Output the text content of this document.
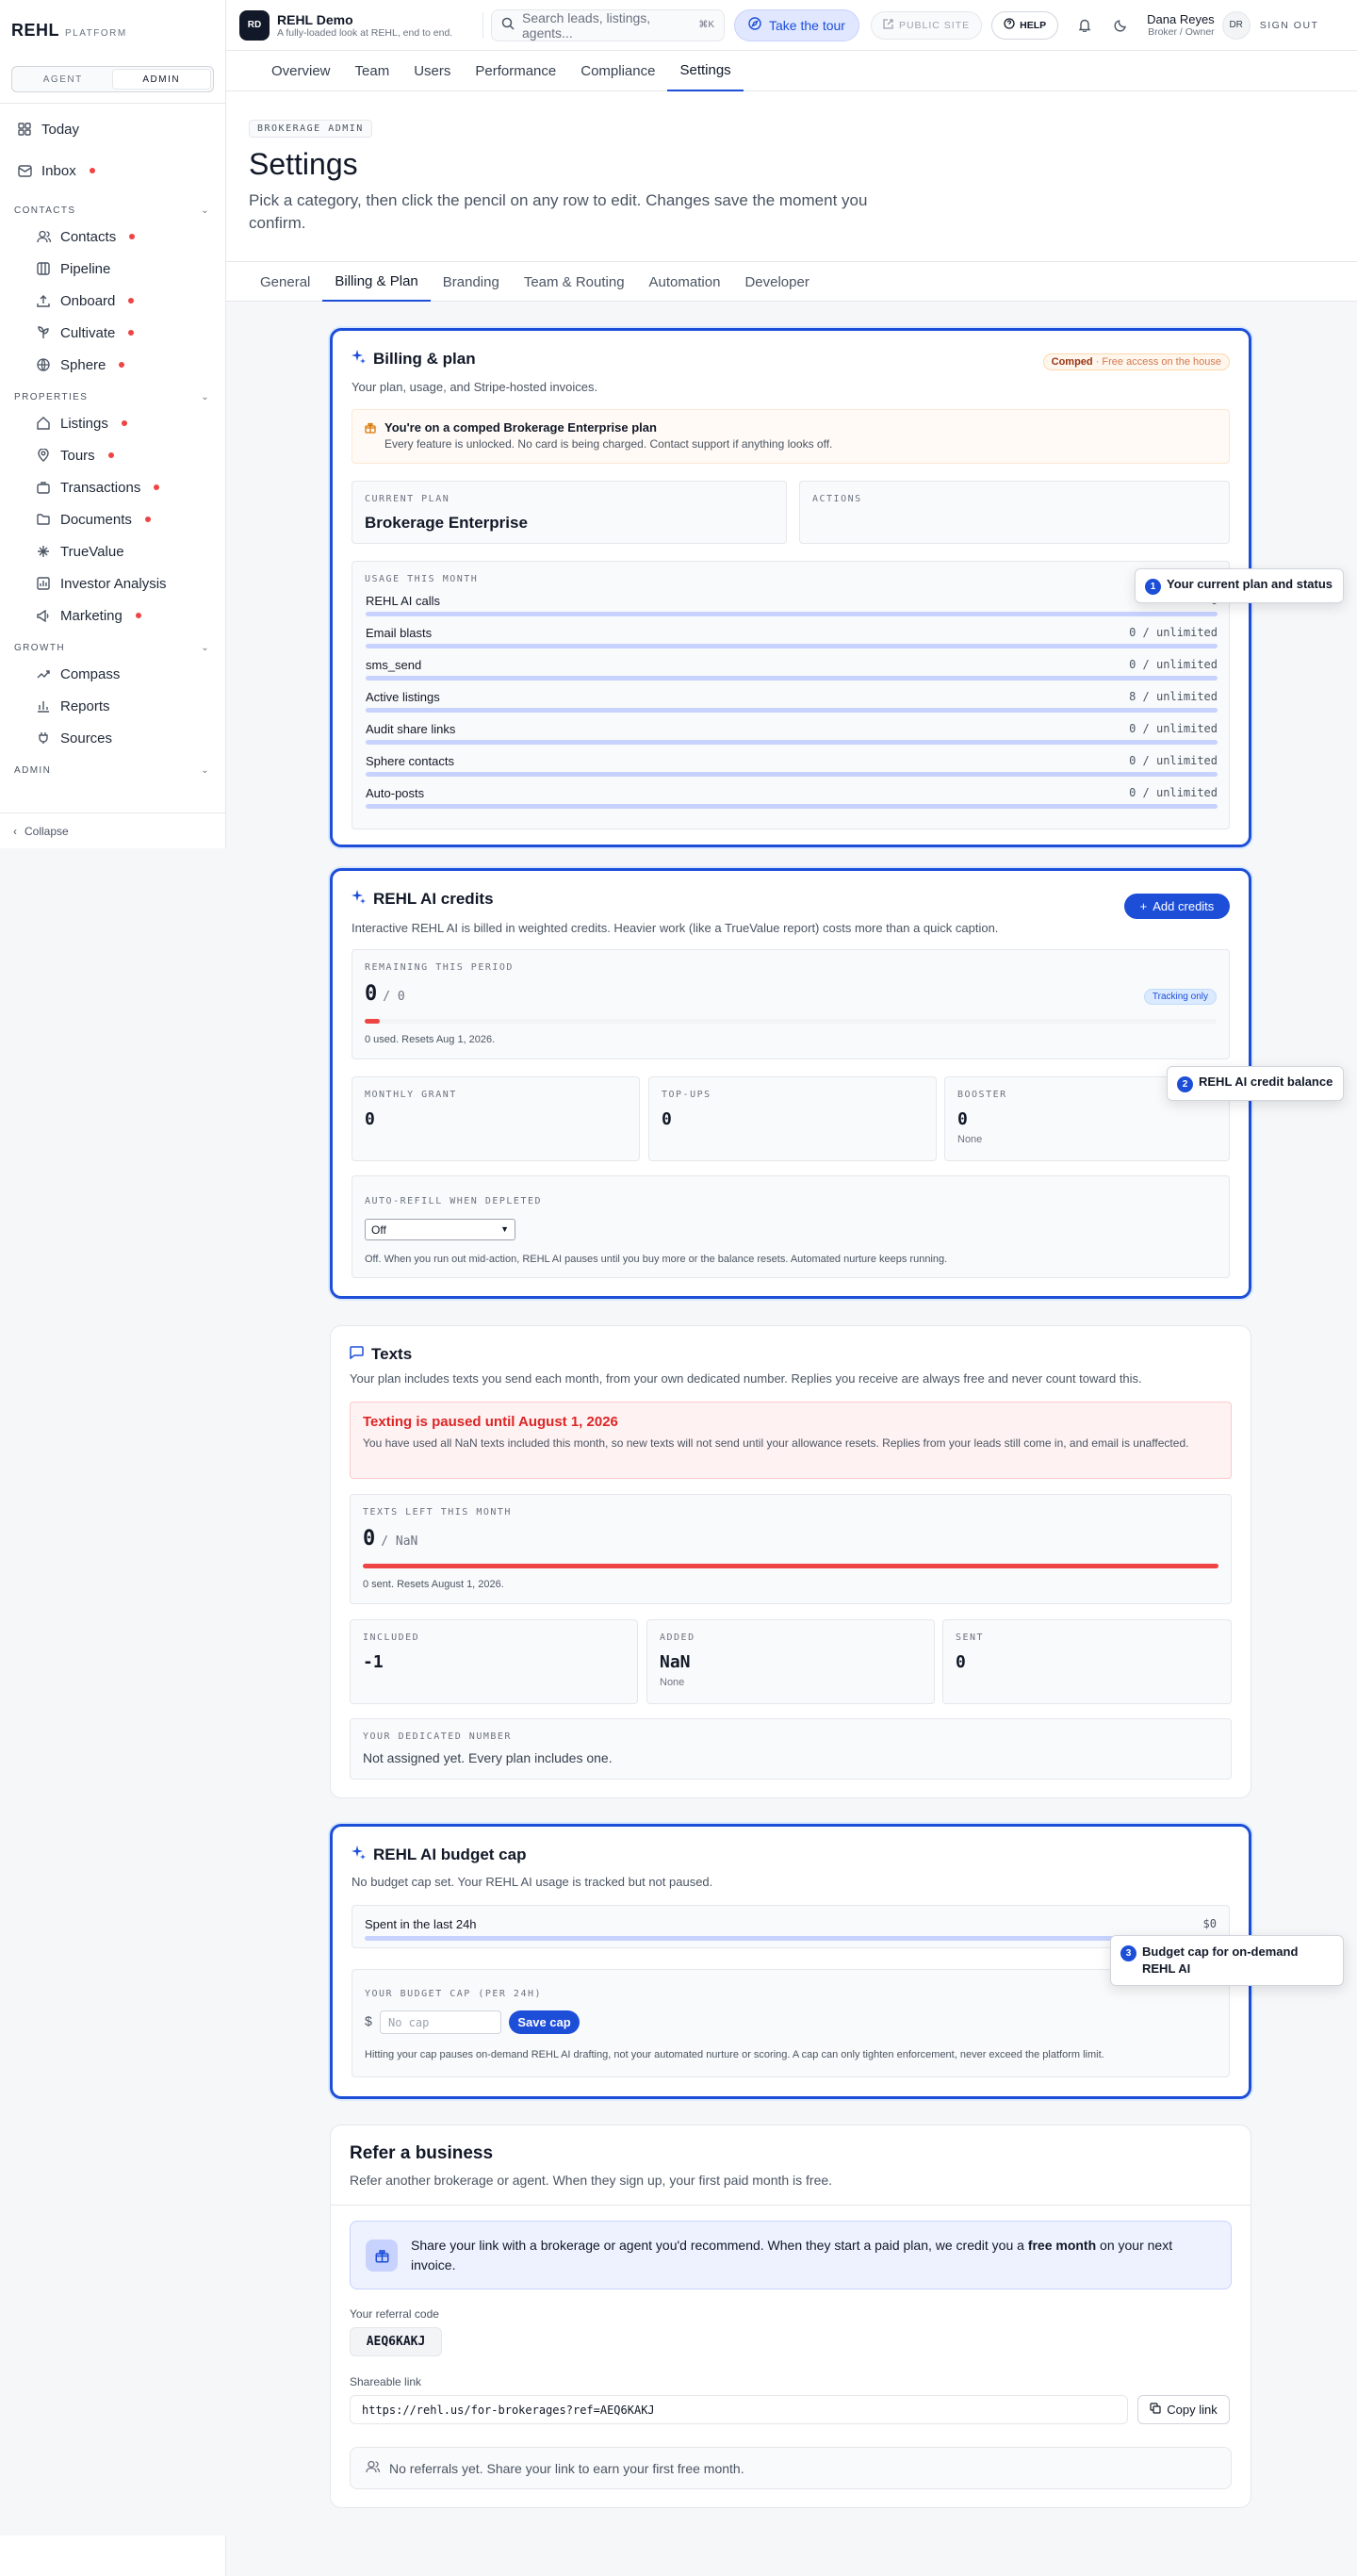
REHL PLATFORM
AGENT	ADMIN
Today
Inbox
CONTACTS	⌄
Contacts
Pipeline
Onboard
Cultivate
Sphere
PROPERTIES	⌄
Listings
Tours
Transactions
Documents
TrueValue
Investor Analysis
Marketing
GROWTH	⌄
Compass
Reports
Sources
ADMIN	⌄
‹ Collapse
RD	REHL Demo
A fully-loaded look at REHL, end to end.
Search leads, listings, agents...	⌘K	Take the tour	PUBLIC SITE	HELP	Dana Reyes
Broker / Owner
DR	SIGN OUT
Overview	Team	Users	Performance	Compliance	Settings
BROKERAGE ADMIN
Settings
Pick a category, then click the pencil on any row to edit. Changes save the moment you confirm.
General	Billing & Plan	Branding	Team & Routing	Automation	Developer
Billing & plan
Your plan, usage, and Stripe-hosted invoices.
Comped · Free access on the house
You're on a comped Brokerage Enterprise plan
Every feature is unlocked. No card is being charged. Contact support if anything looks off.
CURRENT PLAN
Brokerage Enterprise
ACTIONS
USAGE THIS MONTH
REHL AI calls
Email blasts	0 / unlimited
sms_send	0 / unlimited
Active listings	8 / unlimited
Audit share links	0 / unlimited
Sphere contacts	0 / unlimited
Auto-posts	0 / unlimited
1 Your current plan and status
REHL AI credits
Interactive REHL AI is billed in weighted credits. Heavier work (like a TrueValue report) costs more than a quick caption.
+ Add credits
REMAINING THIS PERIOD
0 / 0	Tracking only
0 used. Resets Aug 1, 2026.
MONTHLY GRANT
0
TOP-UPS
0
BOOSTER
0
None
AUTO-REFILL WHEN DEPLETED
Off	▼
Off. When you run out mid-action, REHL AI pauses until you buy more or the balance resets. Automated nurture keeps running.
2 REHL AI credit balance
Texts
Your plan includes texts you send each month, from your own dedicated number. Replies you receive are always free and never count toward this.
Texting is paused until August 1, 2026
You have used all NaN texts included this month, so new texts will not send until your allowance resets. Replies from your leads still come in, and email is unaffected.
TEXTS LEFT THIS MONTH
0 / NaN
0 sent. Resets August 1, 2026.
INCLUDED
-1
ADDED
NaN
None
SENT
0
YOUR DEDICATED NUMBER
Not assigned yet. Every plan includes one.
REHL AI budget cap
No budget cap set. Your REHL AI usage is tracked but not paused.
Spent in the last 24h	$0
YOUR BUDGET CAP (PER 24H)
$	No cap	Save cap
Hitting your cap pauses on-demand REHL AI drafting, not your automated nurture or scoring. A cap can only tighten enforcement, never exceed the platform limit.
3 Budget cap for on-demand REHL AI
Refer a business
Refer another brokerage or agent. When they sign up, your first paid month is free.
Share your link with a brokerage or agent you'd recommend. When they start a paid plan, we credit you a free month on your next invoice.
Your referral code
AEQ6KAKJ
Shareable link
https://rehl.us/for-brokerages?ref=AEQ6KAKJ	Copy link
No referrals yet. Share your link to earn your first free month.
